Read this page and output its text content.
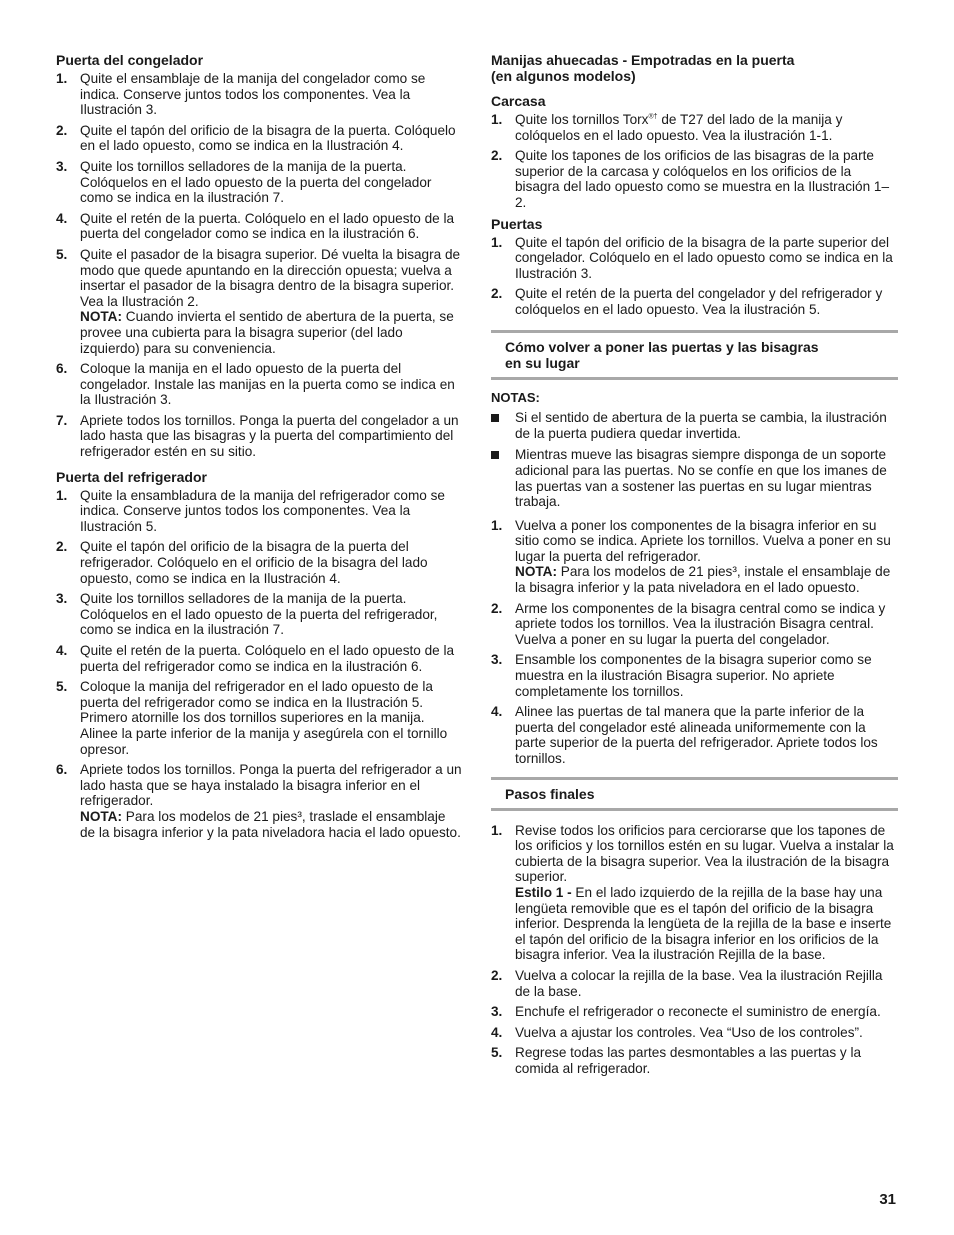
Puerta del congelador
1. Quite el ensamblaje de la manija del congelador como se indica. Conserve juntos todos los componentes. Vea la Ilustración 3.

2. Quite el tapón del orificio de la bisagra de la puerta. Colóquelo en el lado opuesto, como se indica en la Ilustración 4.

3. Quite los tornillos selladores de la manija de la puerta. Colóquelos en el lado opuesto de la puerta del congelador como se indica en la ilustración 7.

4. Quite el retén de la puerta. Colóquelo en el lado opuesto de la puerta del congelador como se indica en la ilustración 6.

5. Quite el pasador de la bisagra superior. Dé vuelta la bisagra de modo que quede apuntando en la dirección opuesta; vuelva a insertar el pasador de la bisagra dentro de la bisagra superior. Vea la Ilustración 2.

NOTA: Cuando invierta el sentido de abertura de la puerta, se provee una cubierta para la bisagra superior (del lado izquierdo) para su conveniencia.

6. Coloque la manija en el lado opuesto de la puerta del congelador. Instale las manijas en la puerta como se indica en la Ilustración 3.

7. Apriete todos los tornillos. Ponga la puerta del congelador a un lado hasta que las bisagras y la puerta del compartimiento del refrigerador estén en su sitio.

Puerta del refrigerador
1. Quite la ensambladura de la manija del refrigerador como se indica. Conserve juntos todos los componentes. Vea la Ilustración 5.

2. Quite el tapón del orificio de la bisagra de la puerta del refrigerador. Colóquelo en el orificio de la bisagra del lado opuesto, como se indica en la Ilustración 4.

3. Quite los tornillos selladores de la manija de la puerta. Colóquelos en el lado opuesto de la puerta del refrigerador, como se indica en la ilustración 7.

4. Quite el retén de la puerta. Colóquelo en el lado opuesto de la puerta del refrigerador como se indica en la ilustración 6.

5. Coloque la manija del refrigerador en el lado opuesto de la puerta del refrigerador como se indica en la Ilustración 5. Primero atornille los dos tornillos superiores en la manija. Alinee la parte inferior de la manija y asegúrela con el tornillo opresor.

6. Apriete todos los tornillos. Ponga la puerta del refrigerador a un lado hasta que se haya instalado la bisagra inferior en el refrigerador.

NOTA: Para los modelos de 21 pies³, traslade el ensamblaje de la bisagra inferior y la pata niveladora hacia el lado opuesto.

Manijas ahuecadas - Empotradas en la puerta
(en algunos modelos)
Carcasa
1. Quite los tornillos Torx®† de T27 del lado de la manija y colóquelos en el lado opuesto. Vea la ilustración 1-1.

2. Quite los tapones de los orificios de las bisagras de la parte superior de la carcasa y colóquelos en los orificios de la bisagra del lado opuesto como se muestra en la Ilustración 1–2.

Puertas
1. Quite el tapón del orificio de la bisagra de la parte superior del congelador. Colóquelo en el lado opuesto como se indica en la Ilustración 3.

2. Quite el retén de la puerta del congelador y del refrigerador y colóquelos en el lado opuesto. Vea la ilustración 5.

Cómo volver a poner las puertas y las bisagras
en su lugar
NOTAS:
Si el sentido de abertura de la puerta se cambia, la ilustración de la puerta pudiera quedar invertida.
Mientras mueve las bisagras siempre disponga de un soporte adicional para las puertas. No se confíe en que los imanes de las puertas van a sostener las puertas en su lugar mientras trabaja.
1. Vuelva a poner los componentes de la bisagra inferior en su sitio como se indica. Apriete los tornillos. Vuelva a poner en su lugar la puerta del refrigerador.

NOTA: Para los modelos de 21 pies³, instale el ensamblaje de la bisagra inferior y la pata niveladora en el lado opuesto.

2. Arme los componentes de la bisagra central como se indica y apriete todos los tornillos. Vea la ilustración Bisagra central. Vuelva a poner en su lugar la puerta del congelador.

3. Ensamble los componentes de la bisagra superior como se muestra en la ilustración Bisagra superior. No apriete completamente los tornillos.

4. Alinee las puertas de tal manera que la parte inferior de la puerta del congelador esté alineada uniformemente con la parte superior de la puerta del refrigerador. Apriete todos los tornillos.

Pasos finales
1. Revise todos los orificios para cerciorarse que los tapones de los orificios y los tornillos estén en su lugar. Vuelva a instalar la cubierta de la bisagra superior. Vea la ilustración de la bisagra superior.

Estilo 1 - En el lado izquierdo de la rejilla de la base hay una lengüeta removible que es el tapón del orificio de la bisagra inferior. Desprenda la lengüeta de la rejilla de la base e inserte el tapón del orificio de la bisagra inferior en los orificios de la bisagra inferior. Vea la ilustración Rejilla de la base.

2. Vuelva a colocar la rejilla de la base. Vea la ilustración Rejilla de la base.

3. Enchufe el refrigerador o reconecte el suministro de energía.

4. Vuelva a ajustar los controles. Vea “Uso de los controles”.

5. Regrese todas las partes desmontables a las puertas y la comida al refrigerador.

31
